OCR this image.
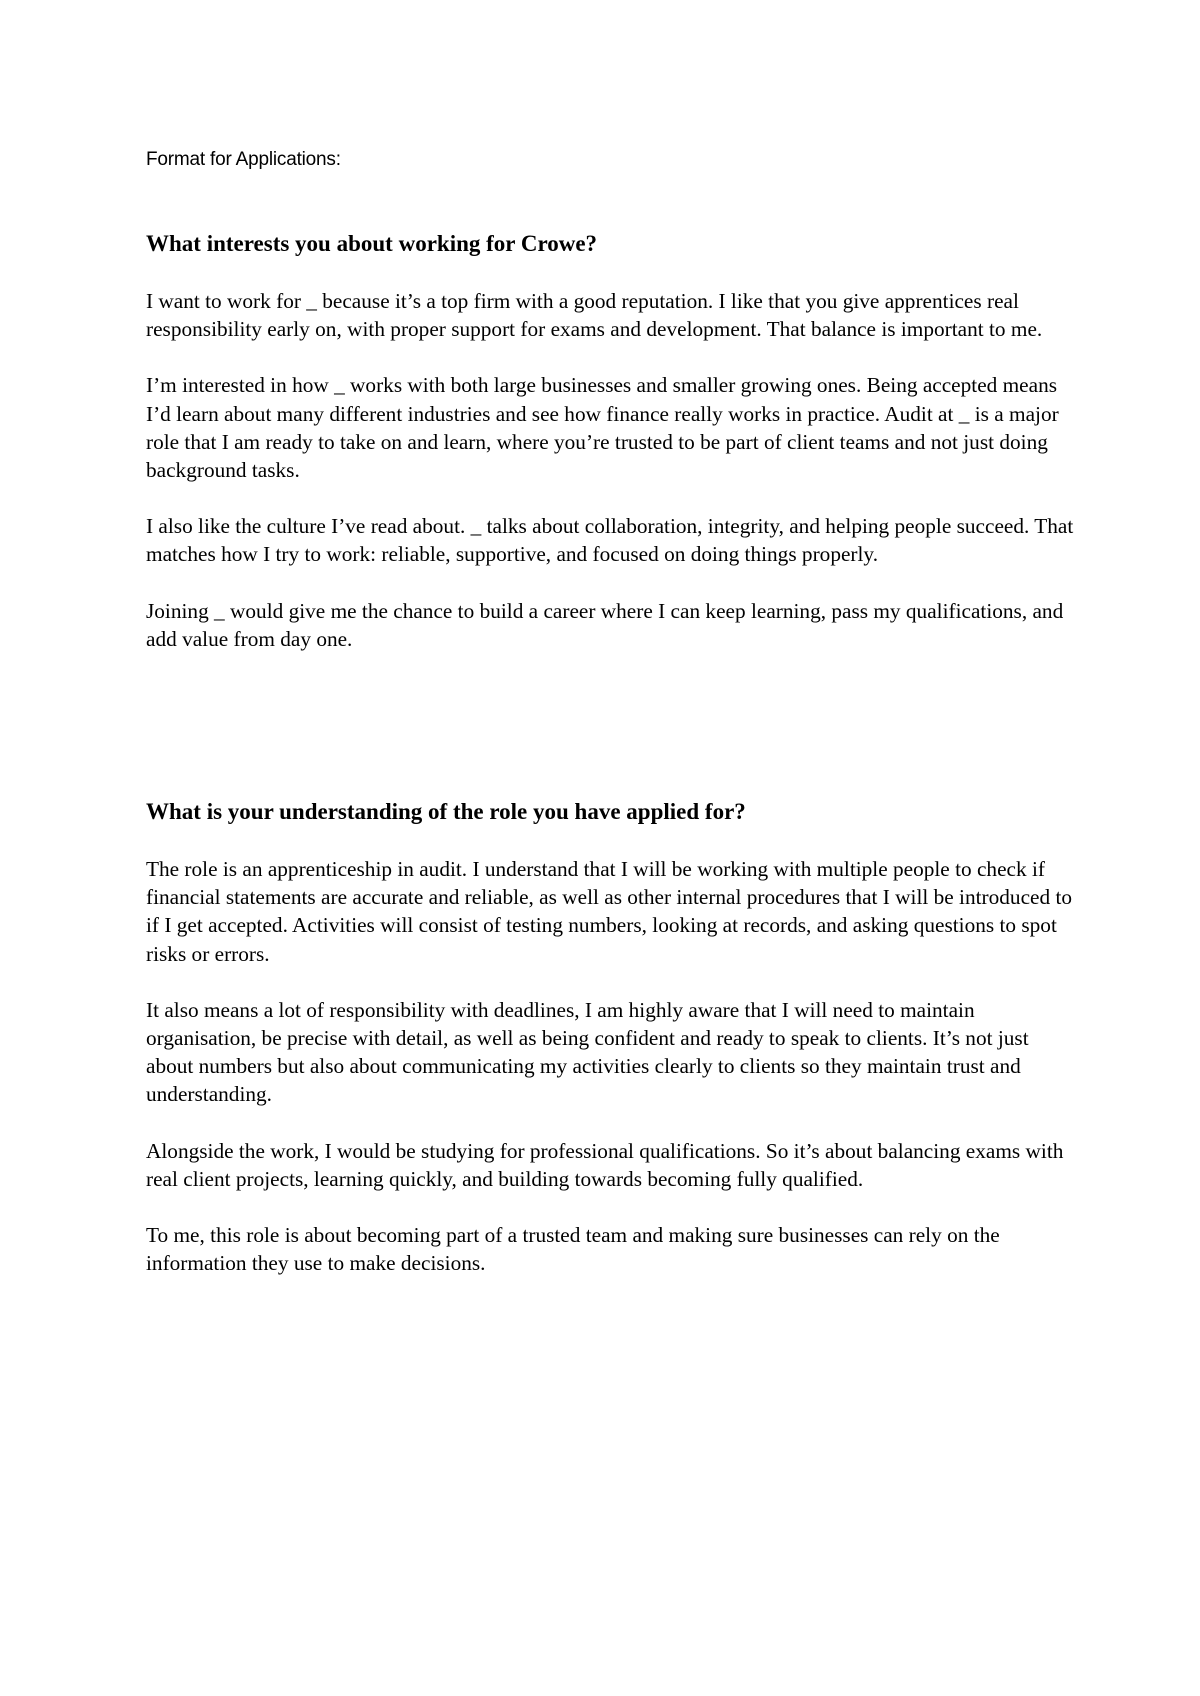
Format for Applications:

What interests you about working for Crowe?

I want to work for _ because it’s a top firm with a good reputation. I like that you give apprentices real responsibility early on, with proper support for exams and development. That balance is important to me.

I’m interested in how _ works with both large businesses and smaller growing ones. Being accepted means I’d learn about many different industries and see how finance really works in practice. Audit at _ is a major role that I am ready to take on and learn, where you’re trusted to be part of client teams and not just doing background tasks.

I also like the culture I’ve read about. _ talks about collaboration, integrity, and helping people succeed. That matches how I try to work: reliable, supportive, and focused on doing things properly.

Joining _ would give me the chance to build a career where I can keep learning, pass my qualifications, and add value from day one.

What is your understanding of the role you have applied for?

The role is an apprenticeship in audit. I understand that I will be working with multiple people to check if financial statements are accurate and reliable, as well as other internal procedures that I will be introduced to if I get accepted. Activities will consist of testing numbers, looking at records, and asking questions to spot risks or errors.

It also means a lot of responsibility with deadlines, I am highly aware that I will need to maintain organisation, be precise with detail, as well as being confident and ready to speak to clients. It’s not just about numbers but also about communicating my activities clearly to clients so they maintain trust and understanding.

Alongside the work, I would be studying for professional qualifications. So it’s about balancing exams with real client projects, learning quickly, and building towards becoming fully qualified.

To me, this role is about becoming part of a trusted team and making sure businesses can rely on the information they use to make decisions.
